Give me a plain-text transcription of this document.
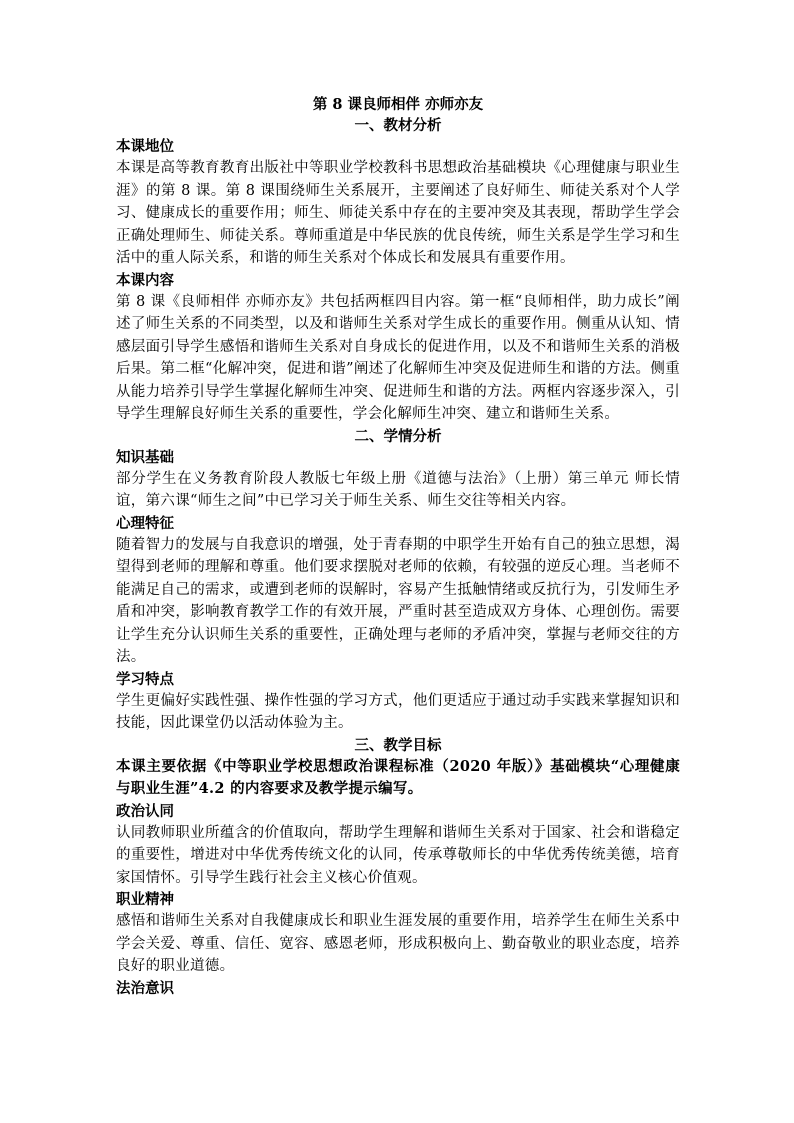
第 8 课良师相伴 亦师亦友
一、教材分析
本课地位

本课是高等教育教育出版社中等职业学校教科书思想政治基础模块《心理健康与职业生涯》的第 8 课。第 8 课围绕师生关系展开，主要阐述了良好师生、师徒关系对个人学习、健康成长的重要作用；师生、师徒关系中存在的主要冲突及其表现，帮助学生学会正确处理师生、师徒关系。尊师重道是中华民族的优良传统，师生关系是学生学习和生活中的重人际关系，和谐的师生关系对个体成长和发展具有重要作用。

本课内容

第 8 课《良师相伴 亦师亦友》共包括两框四目内容。第一框“良师相伴，助力成长”阐述了师生关系的不同类型，以及和谐师生关系对学生成长的重要作用。侧重从认知、情感层面引导学生感悟和谐师生关系对自身成长的促进作用，以及不和谐师生关系的消极后果。第二框“化解冲突，促进和谐”阐述了化解师生冲突及促进师生和谐的方法。侧重从能力培养引导学生掌握化解师生冲突、促进师生和谐的方法。两框内容逐步深入，引导学生理解良好师生关系的重要性，学会化解师生冲突、建立和谐师生关系。

二、学情分析
知识基础

部分学生在义务教育阶段人教版七年级上册《道德与法治》（上册）第三单元 师长情谊，第六课“师生之间”中已学习关于师生关系、师生交往等相关内容。

心理特征

随着智力的发展与自我意识的增强，处于青春期的中职学生开始有自己的独立思想，渴望得到老师的理解和尊重。他们要求摆脱对老师的依赖，有较强的逆反心理。当老师不能满足自己的需求，或遭到老师的误解时，容易产生抵触情绪或反抗行为，引发师生矛盾和冲突，影响教育教学工作的有效开展，严重时甚至造成双方身体、心理创伤。需要让学生充分认识师生关系的重要性，正确处理与老师的矛盾冲突，掌握与老师交往的方法。

学习特点

学生更偏好实践性强、操作性强的学习方式，他们更适应于通过动手实践来掌握知识和技能，因此课堂仍以活动体验为主。

三、教学目标

本课主要依据《中等职业学校思想政治课程标准（2020 年版）》基础模块“心理健康与职业生涯”4.2 的内容要求及教学提示编写。

政治认同

认同教师职业所蕴含的价值取向，帮助学生理解和谐师生关系对于国家、社会和谐稳定的重要性，增进对中华优秀传统文化的认同，传承尊敬师长的中华优秀传统美德，培育家国情怀。引导学生践行社会主义核心价值观。

职业精神

感悟和谐师生关系对自我健康成长和职业生涯发展的重要作用，培养学生在师生关系中学会关爱、尊重、信任、宽容、感恩老师，形成积极向上、勤奋敬业的职业态度，培养良好的职业道德。

法治意识
